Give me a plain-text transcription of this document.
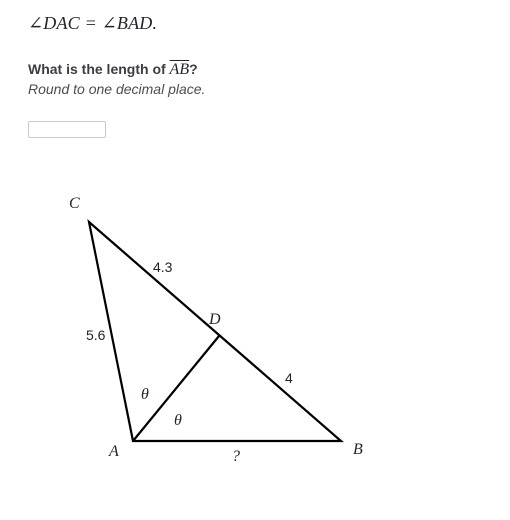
∠DAC = ∠BAD.
What is the length of $\overline{AB}$?
Round to one decimal place.
C
D
A	B
4.3
4
5.6
?
θ
θ
